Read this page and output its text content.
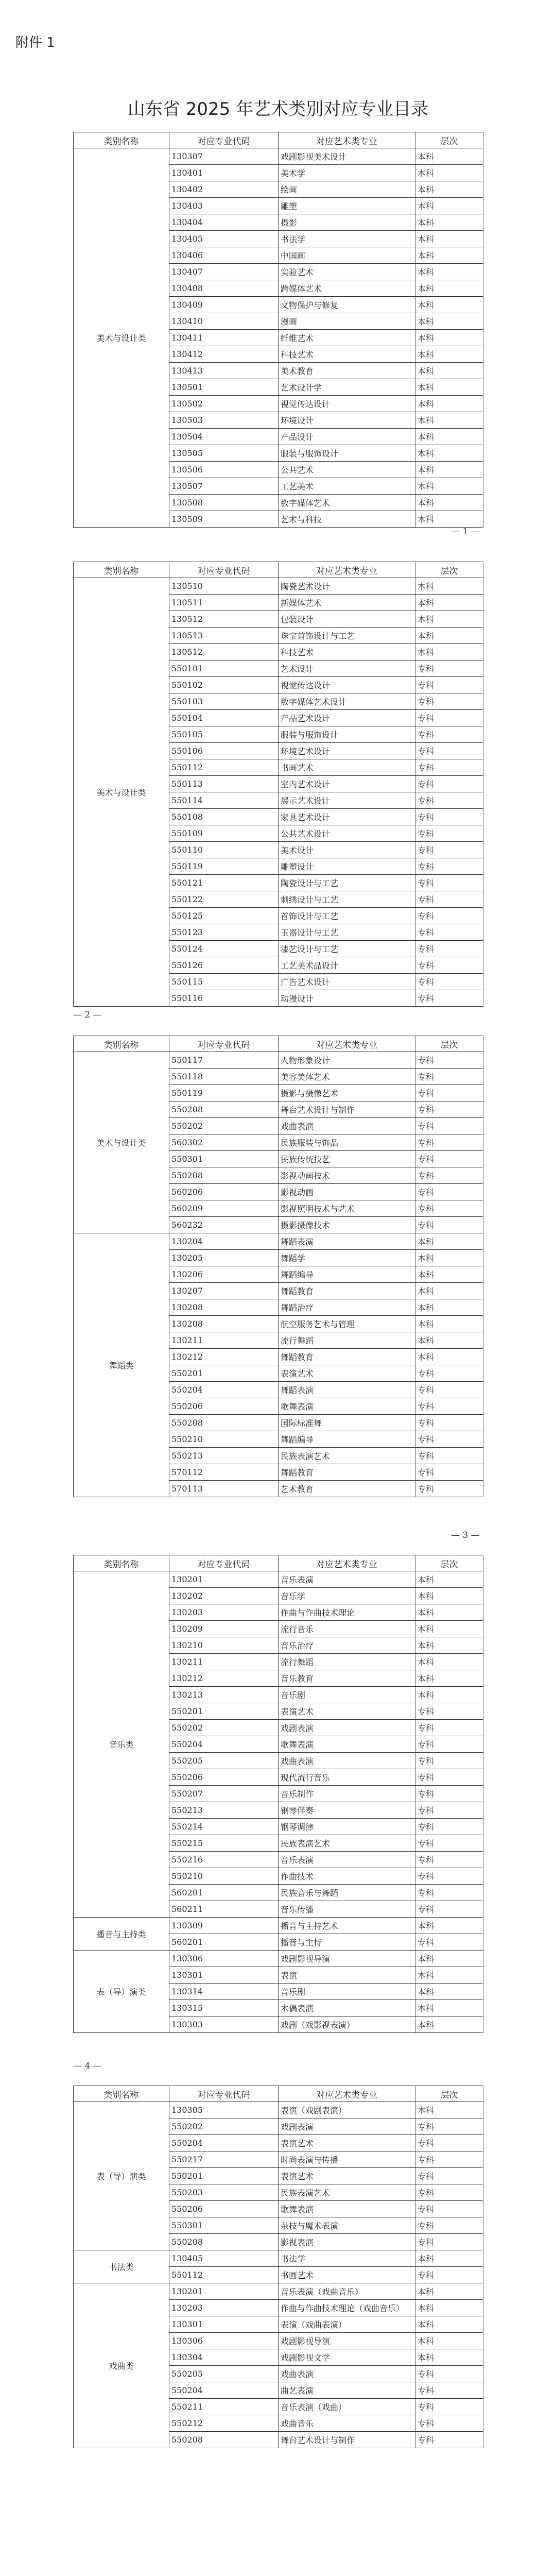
附件 1
山东省 2025 年艺术类别对应专业目录
类别名称	对应专业代码	对应艺术类专业	层次
美术与设计类	130307	戏剧影视美术设计	本科
	130401	美术学	本科
	130402	绘画	本科
	130403	雕塑	本科
	130404	摄影	本科
	130405	书法学	本科
	130406	中国画	本科
	130407	实验艺术	本科
	130408	跨媒体艺术	本科
	130409	文物保护与修复	本科
	130410	漫画	本科
	130411	纤维艺术	本科
	130412	科技艺术	本科
	130413	美术教育	本科
	130501	艺术设计学	本科
	130502	视觉传达设计	本科
	130503	环境设计	本科
	130504	产品设计	本科
	130505	服装与服饰设计	本科
	130506	公共艺术	本科
	130507	工艺美术	本科
	130508	数字媒体艺术	本科
	130509	艺术与科技	本科
— 1 —
类别名称	对应专业代码	对应艺术类专业	层次
美术与设计类	130510	陶瓷艺术设计	本科
	130511	新媒体艺术	本科
	130512	包装设计	本科
	130513	珠宝首饰设计与工艺	本科
	130512	科技艺术	本科
	550101	艺术设计	专科
	550102	视觉传达设计	专科
	550103	数字媒体艺术设计	专科
	550104	产品艺术设计	专科
	550105	服装与服饰设计	专科
	550106	环境艺术设计	专科
	550112	书画艺术	专科
	550113	室内艺术设计	专科
	550114	展示艺术设计	专科
	550108	家具艺术设计	专科
	550109	公共艺术设计	专科
	550110	美术设计	专科
	550119	雕塑设计	专科
	550121	陶瓷设计与工艺	专科
	550122	刺绣设计与工艺	专科
	550125	首饰设计与工艺	专科
	550123	玉器设计与工艺	专科
	550124	漆艺设计与工艺	专科
	550126	工艺美术品设计	专科
	550115	广告艺术设计	专科
	550116	动漫设计	专科
— 2 —
类别名称	对应专业代码	对应艺术类专业	层次
美术与设计类	550117	人物形象设计	专科
	550118	美容美体艺术	专科
	550119	摄影与摄像艺术	专科
	550208	舞台艺术设计与制作	专科
	550202	戏曲表演	专科
	560302	民族服装与饰品	专科
	550301	民族传统技艺	专科
	550208	影视动画技术	专科
	560206	影视动画	专科
	560209	影视照明技术与艺术	专科
	560232	摄影摄像技术	专科
舞蹈类	130204	舞蹈表演	本科
	130205	舞蹈学	本科
	130206	舞蹈编导	本科
	130207	舞蹈教育	本科
	130208	舞蹈治疗	本科
	130208	航空服务艺术与管理	本科
	130211	流行舞蹈	本科
	130212	舞蹈教育	本科
	550201	表演艺术	专科
	550204	舞蹈表演	专科
	550206	歌舞表演	专科
	550208	国际标准舞	专科
	550210	舞蹈编导	专科
	550213	民族表演艺术	专科
	570112	舞蹈教育	专科
	570113	艺术教育	专科
— 3 —
类别名称	对应专业代码	对应艺术类专业	层次
音乐类	130201	音乐表演	本科
	130202	音乐学	本科
	130203	作曲与作曲技术理论	本科
	130209	流行音乐	本科
	130210	音乐治疗	本科
	130211	流行舞蹈	本科
	130212	音乐教育	本科
	130213	音乐剧	本科
	550201	表演艺术	专科
	550202	戏剧表演	专科
	550204	歌舞表演	专科
	550205	戏曲表演	专科
	550206	现代流行音乐	专科
	550207	音乐制作	专科
	550213	钢琴伴奏	专科
	550214	钢琴调律	专科
	550215	民族表演艺术	专科
	550216	音乐表演	专科
	550210	作曲技术	专科
	560201	民族音乐与舞蹈	专科
	560211	音乐传播	专科
播音与主持类	130309	播音与主持艺术	本科
	560201	播音与主持	专科
表（导）演类	130306	戏剧影视导演	本科
	130301	表演	本科
	130314	音乐剧	本科
	130315	木偶表演	本科
	130303	戏剧（戏影视表演）	本科
— 4 —
类别名称	对应专业代码	对应艺术类专业	层次
表（导）演类	130305	表演（戏剧表演）	本科
	550202	戏剧表演	专科
	550204	表演艺术	专科
	550217	时尚表演与传播	专科
	550201	表演艺术	专科
	550203	民族表演艺术	专科
	550206	歌舞表演	专科
	550301	杂技与魔术表演	专科
	550208	影视表演	专科
书法类	130405	书法学	本科
	550112	书画艺术	专科
戏曲类	130201	音乐表演（戏曲音乐）	本科
	130203	作曲与作曲技术理论（戏曲音乐）	本科
	130301	表演（戏曲表演）	本科
	130306	戏剧影视导演	本科
	130304	戏剧影视文学	本科
	550205	戏曲表演	专科
	550204	曲艺表演	专科
	550211	音乐表演（戏曲）	专科
	550212	戏曲音乐	专科
	550208	舞台艺术设计与制作	专科
